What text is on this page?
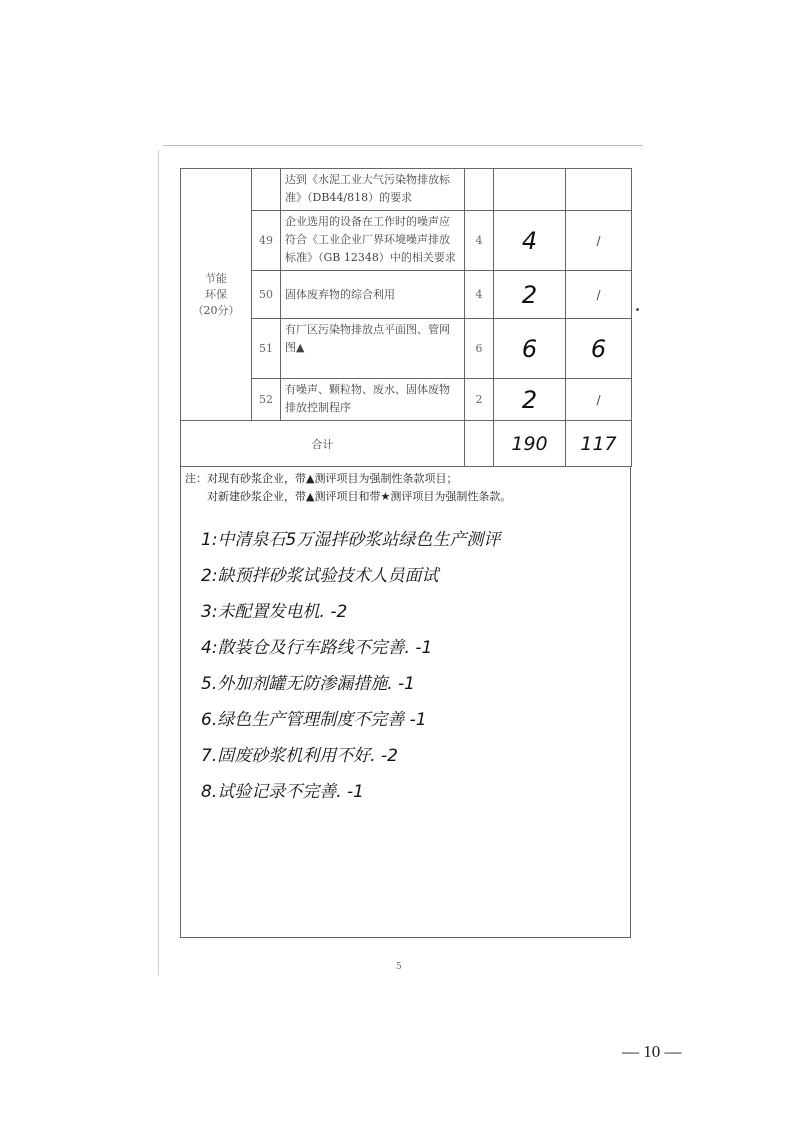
节能
环保
（20分）		达到《水泥工业大气污染物排放标准》（DB44/818）的要求			
	49	企业选用的设备在工作时的噪声应符合《工业企业厂界环境噪声排放标准》（GB 12348）中的相关要求	4	4	/
	50	固体废弃物的综合利用	4	2	/
	51	有厂区污染物排放点平面图、管网图▲	6	6	6
	52	有噪声、颗粒物、废水、固体废物排放控制程序	2	2	/
合计				190	117
注：对现有砂浆企业，带▲测评项目为强制性条款项目；
对新建砂浆企业，带▲测评项目和带★测评项目为强制性条款。
1:中清泉石5万湿拌砂浆站绿色生产测评
2:缺预拌砂浆试验技术人员面试
3:未配置发电机. -2
4:散装仓及行车路线不完善. -1
5.外加剂罐无防渗漏措施. -1
6.绿色生产管理制度不完善 -1
7.固废砂浆机利用不好. -2
8.试验记录不完善. -1
5
— 10 —
